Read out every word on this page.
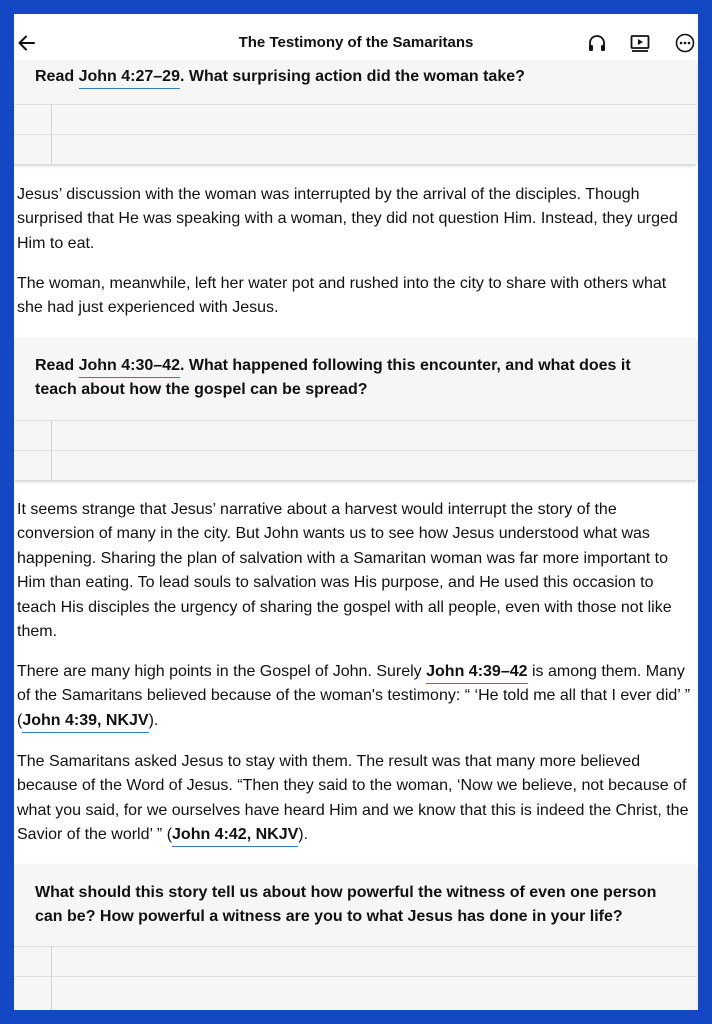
The Testimony of the Samaritans
Read John 4:27–29. What surprising action did the woman take?
Jesus’ discussion with the woman was interrupted by the arrival of the disciples. Though surprised that He was speaking with a woman, they did not question Him. Instead, they urged Him to eat.
The woman, meanwhile, left her water pot and rushed into the city to share with others what she had just experienced with Jesus.
Read John 4:30–42. What happened following this encounter, and what does it teach about how the gospel can be spread?
It seems strange that Jesus’ narrative about a harvest would interrupt the story of the conversion of many in the city. But John wants us to see how Jesus understood what was happening. Sharing the plan of salvation with a Samaritan woman was far more important to Him than eating. To lead souls to salvation was His purpose, and He used this occasion to teach His disciples the urgency of sharing the gospel with all people, even with those not like them.
There are many high points in the Gospel of John. Surely John 4:39–42 is among them. Many of the Samaritans believed because of the woman's testimony: “ ‘He told me all that I ever did’ ” (John 4:39, NKJV).
The Samaritans asked Jesus to stay with them. The result was that many more believed because of the Word of Jesus. “Then they said to the woman, ‘Now we believe, not because of what you said, for we ourselves have heard Him and we know that this is indeed the Christ, the Savior of the world’ ” (John 4:42, NKJV).
What should this story tell us about how powerful the witness of even one person can be? How powerful a witness are you to what Jesus has done in your life?
